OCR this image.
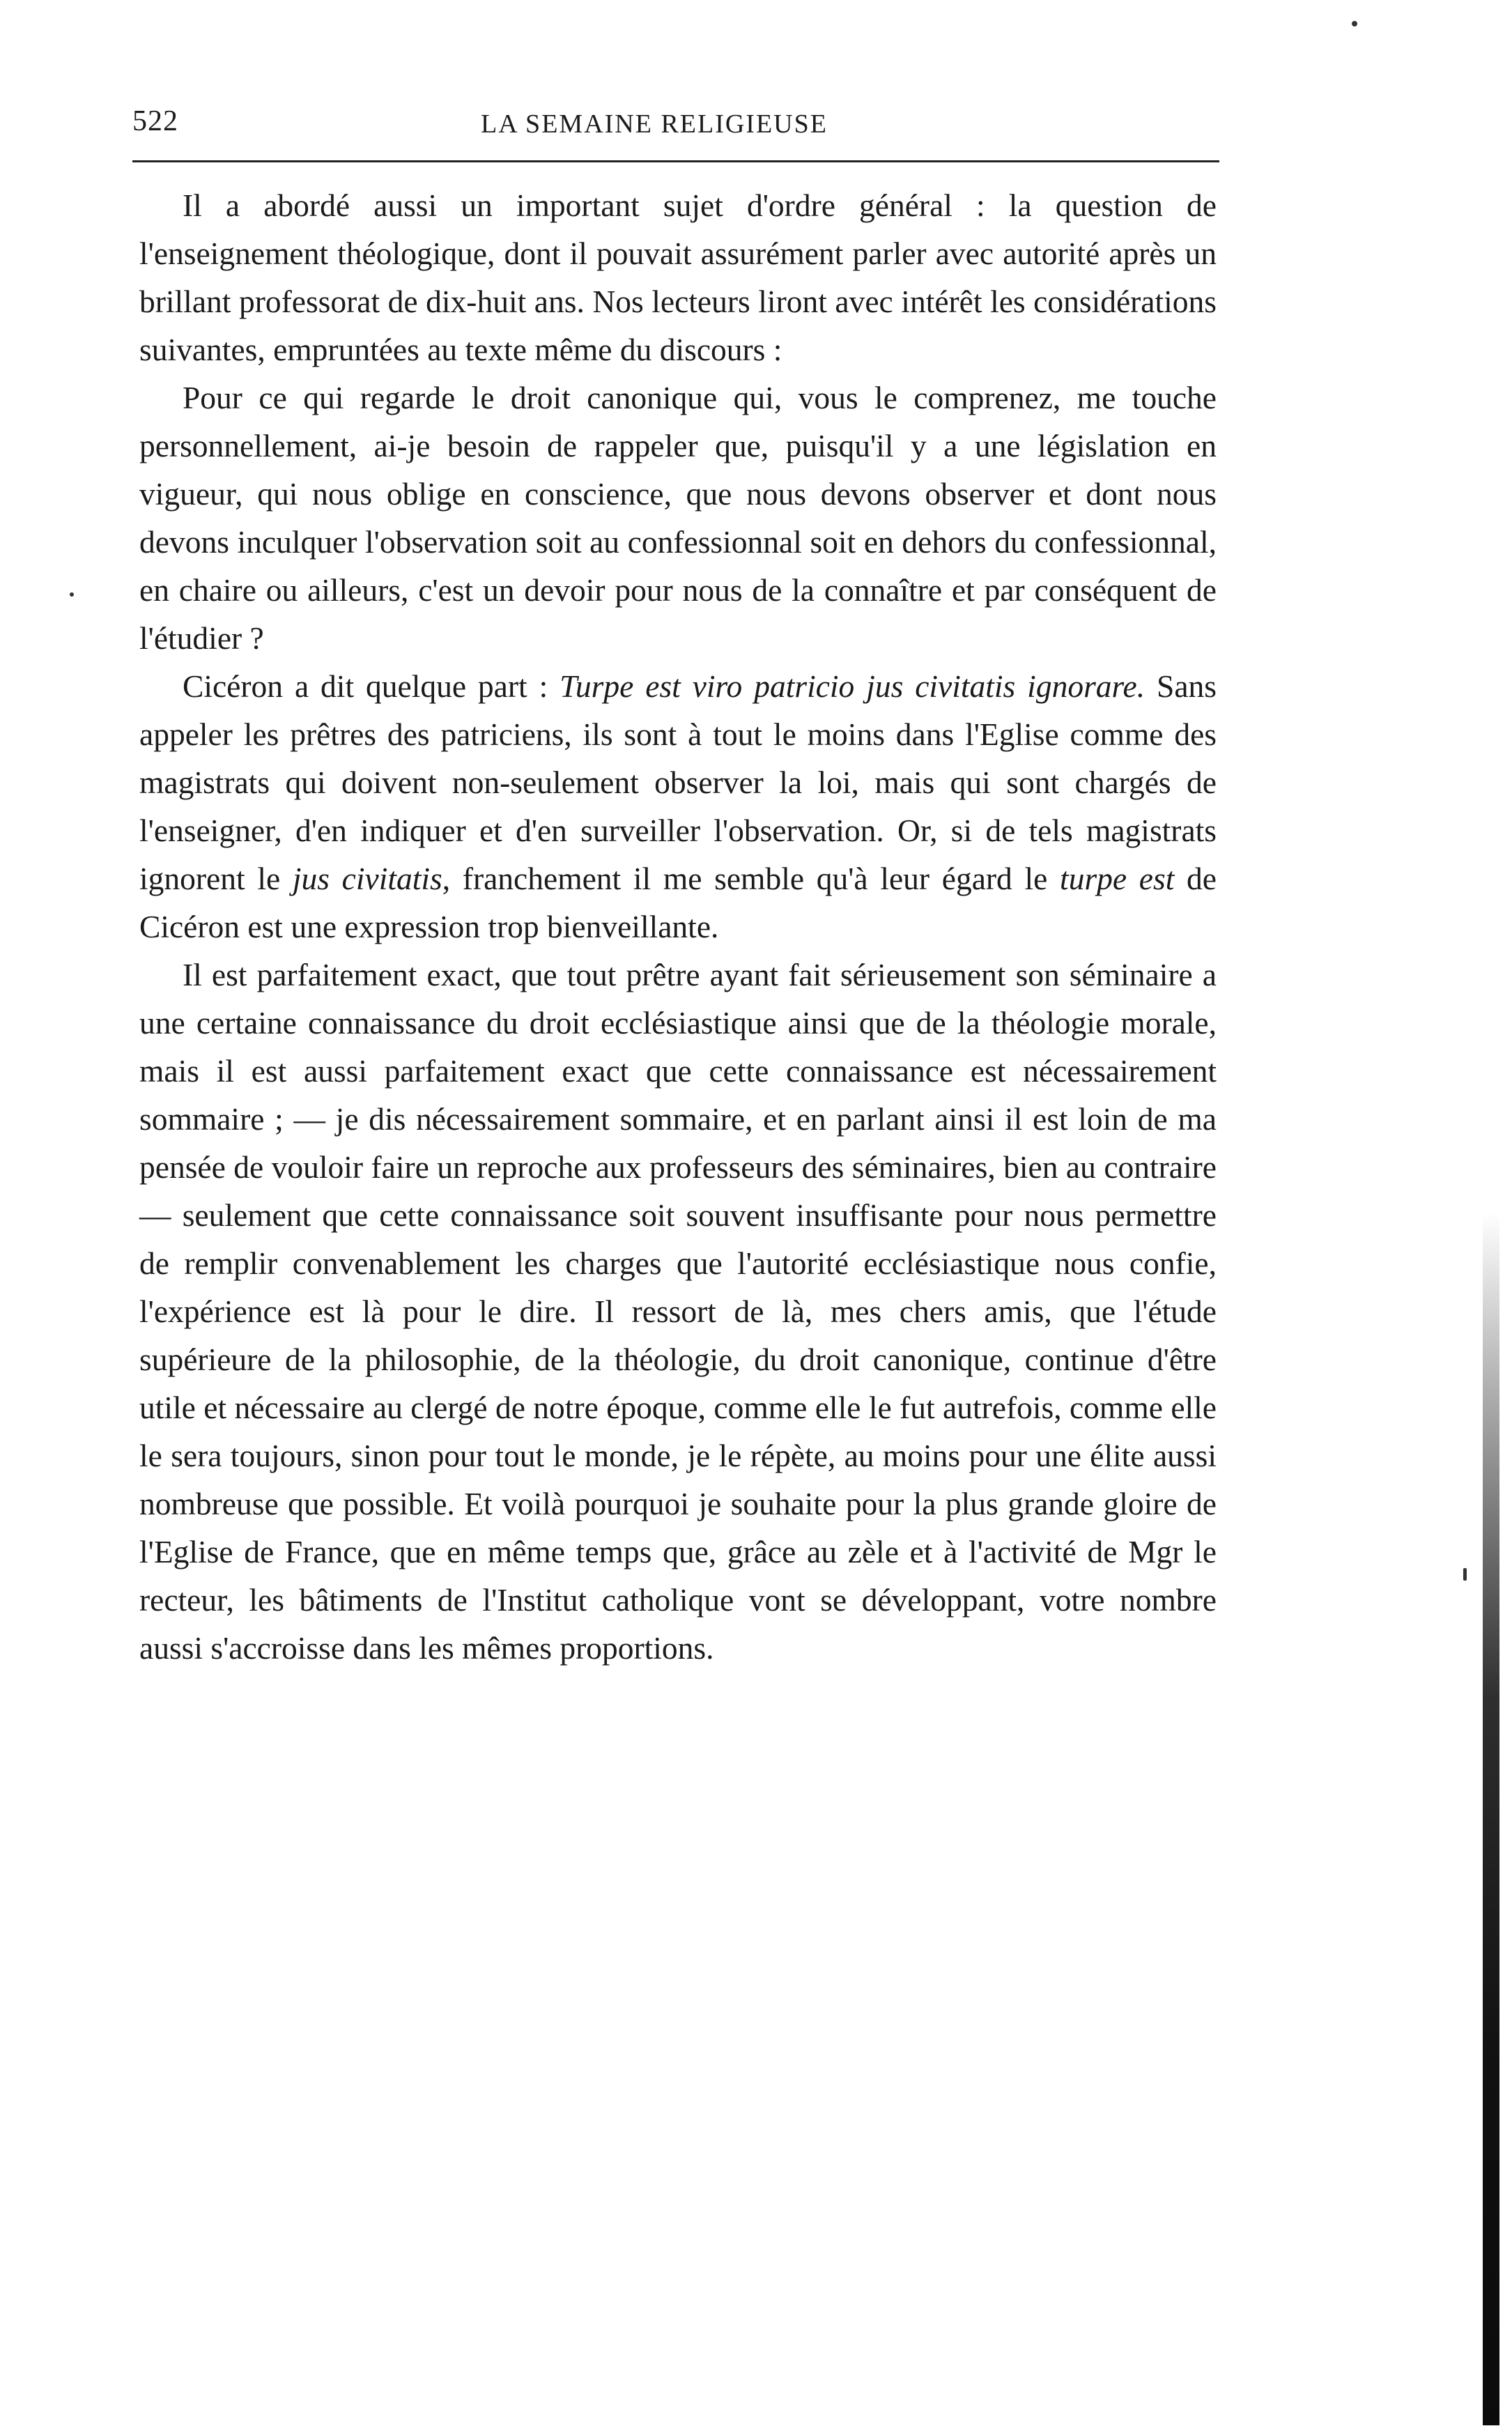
522	LA SEMAINE RELIGIEUSE

Il a abordé aussi un important sujet d'ordre général : la question de l'enseignement théologique, dont il pouvait assurément parler avec autorité après un brillant professorat de dix-huit ans. Nos lecteurs liront avec intérêt les considérations suivantes, empruntées au texte même du discours :

Pour ce qui regarde le droit canonique qui, vous le comprenez, me touche personnellement, ai-je besoin de rappeler que, puisqu'il y a une législation en vigueur, qui nous oblige en conscience, que nous devons observer et dont nous devons inculquer l'observation soit au confessionnal soit en dehors du confessionnal, en chaire ou ailleurs, c'est un devoir pour nous de la connaître et par conséquent de l'étudier ?

Cicéron a dit quelque part : Turpe est viro patricio jus civitatis ignorare. Sans appeler les prêtres des patriciens, ils sont à tout le moins dans l'Eglise comme des magistrats qui doivent non-seulement observer la loi, mais qui sont chargés de l'enseigner, d'en indiquer et d'en surveiller l'observation. Or, si de tels magistrats ignorent le jus civitatis, franchement il me semble qu'à leur égard le turpe est de Cicéron est une expression trop bienveillante.

Il est parfaitement exact, que tout prêtre ayant fait sérieusement son séminaire a une certaine connaissance du droit ecclésiastique ainsi que de la théologie morale, mais il est aussi parfaitement exact que cette connaissance est nécessairement sommaire ; — je dis nécessairement sommaire, et en parlant ainsi il est loin de ma pensée de vouloir faire un reproche aux professeurs des séminaires, bien au contraire — seulement que cette connaissance soit souvent insuffisante pour nous permettre de remplir convenablement les charges que l'autorité ecclésiastique nous confie, l'expérience est là pour le dire. Il ressort de là, mes chers amis, que l'étude supérieure de la philosophie, de la théologie, du droit canonique, continue d'être utile et nécessaire au clergé de notre époque, comme elle le fut autrefois, comme elle le sera toujours, sinon pour tout le monde, je le répète, au moins pour une élite aussi nombreuse que possible. Et voilà pourquoi je souhaite pour la plus grande gloire de l'Eglise de France, que en même temps que, grâce au zèle et à l'activité de Mgr le recteur, les bâtiments de l'Institut catholique vont se développant, votre nombre aussi s'accroisse dans les mêmes proportions.
